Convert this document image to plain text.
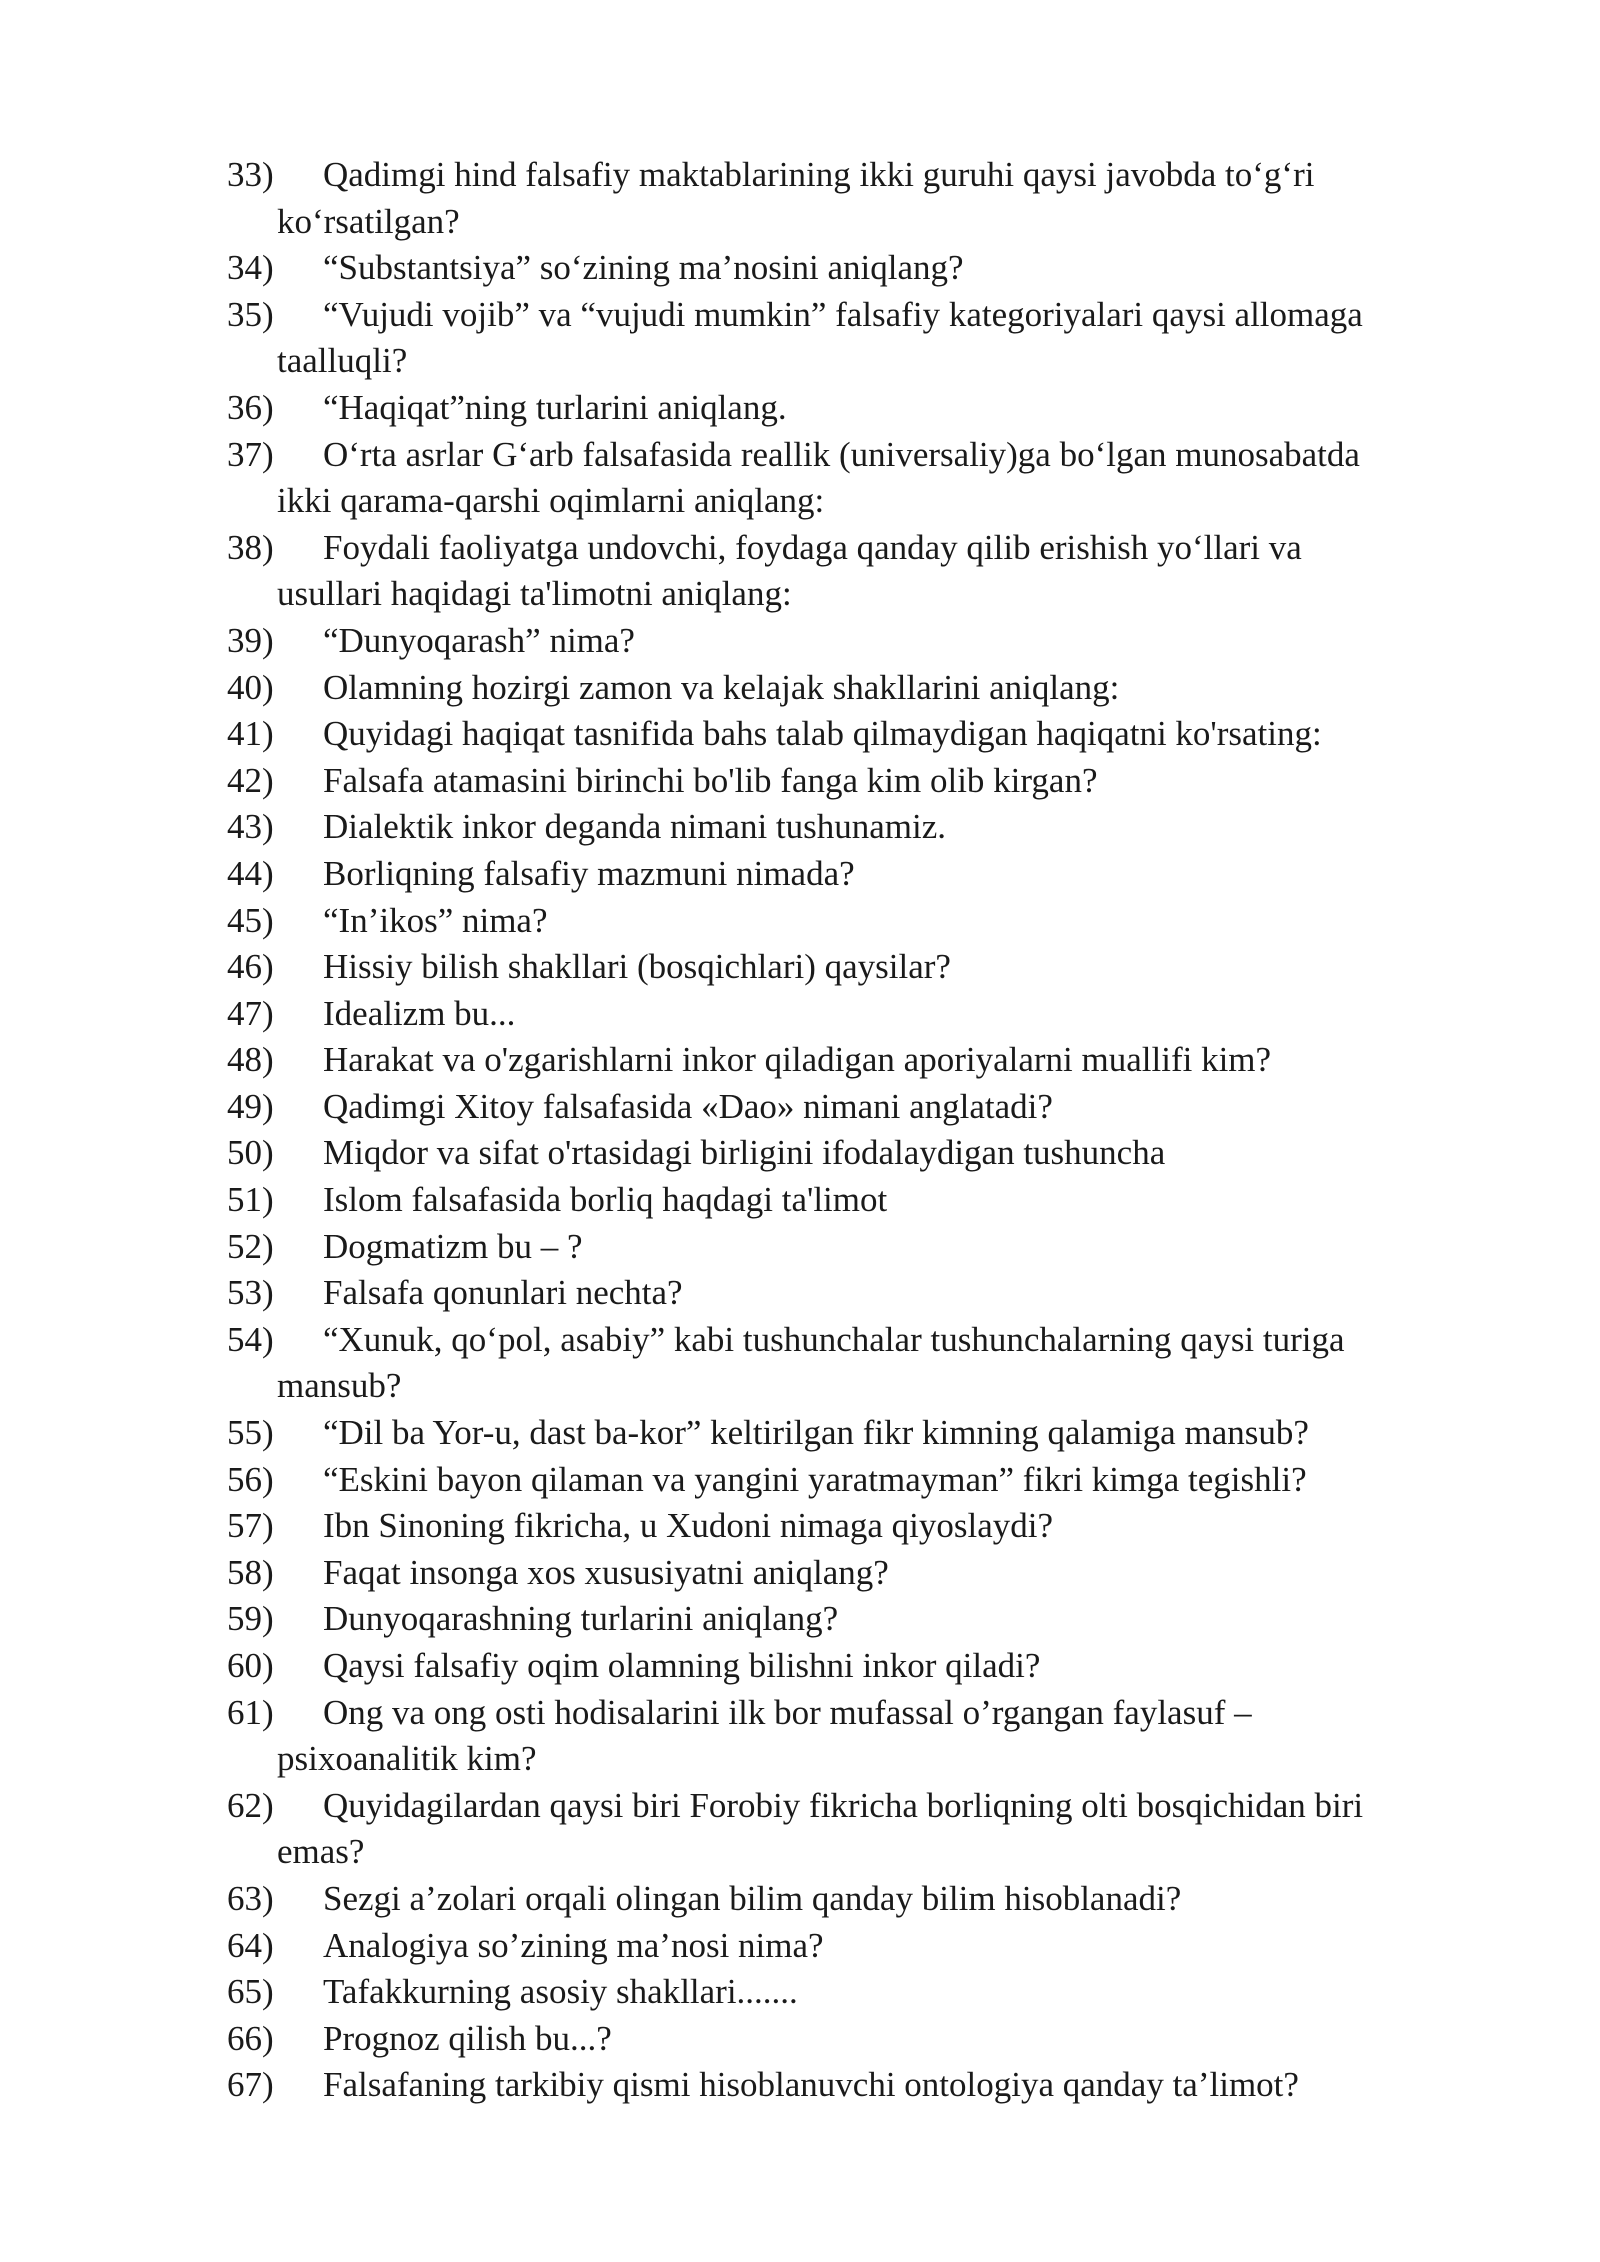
33) Qadimgi hind falsafiy maktablarining ikki guruhi qaysi javobda to‘g‘ri
ko‘rsatilgan?
34) “Substantsiya” so‘zining ma’nosini aniqlang?
35) “Vujudi vojib” va “vujudi mumkin” falsafiy kategoriyalari qaysi allomaga
taalluqli?
36) “Haqiqat”ning turlarini aniqlang.
37) O‘rta asrlar G‘arb falsafasida reallik (universaliy)ga bo‘lgan munosabatda
ikki qarama-qarshi oqimlarni aniqlang:
38) Foydali faoliyatga undovchi, foydaga qanday qilib erishish yo‘llari va
usullari haqidagi ta'limotni aniqlang:
39) “Dunyoqarash” nima?
40) Olamning hozirgi zamon va kelajak shakllarini aniqlang:
41) Quyidagi haqiqat tasnifida bahs talab qilmaydigan haqiqatni ko'rsating:
42) Falsafa atamasini birinchi bo'lib fanga kim olib kirgan?
43) Dialektik inkor deganda nimani tushunamiz.
44) Borliqning falsafiy mazmuni nimada?
45) “In’ikos” nima?
46) Hissiy bilish shakllari (bosqichlari) qaysilar?
47) Idealizm bu...
48) Harakat va o'zgarishlarni inkor qiladigan aporiyalarni muallifi kim?
49) Qadimgi Xitoy falsafasida «Dao» nimani anglatadi?
50) Miqdor va sifat o'rtasidagi birligini ifodalaydigan tushuncha
51) Islom falsafasida borliq haqdagi ta'limot
52) Dogmatizm bu – ?
53) Falsafa qonunlari nechta?
54) “Xunuk, qo‘pol, asabiy” kabi tushunchalar tushunchalarning qaysi turiga
mansub?
55) “Dil ba Yor-u, dast ba-kor” keltirilgan fikr kimning qalamiga mansub?
56) “Eskini bayon qilaman va yangini yaratmayman” fikri kimga tegishli?
57) Ibn Sinoning fikricha, u Xudoni nimaga qiyoslaydi?
58) Faqat insonga xos xususiyatni aniqlang?
59) Dunyoqarashning turlarini aniqlang?
60) Qaysi falsafiy oqim olamning bilishni inkor qiladi?
61) Ong va ong osti hodisalarini ilk bor mufassal o’rgangan faylasuf –
psixoanalitik kim?
62) Quyidagilardan qaysi biri Forobiy fikricha borliqning olti bosqichidan biri
emas?
63) Sezgi a’zolari orqali olingan bilim qanday bilim hisoblanadi?
64) Analogiya so’zining ma’nosi nima?
65) Tafakkurning asosiy shakllari.......
66) Prognoz qilish bu...?
67) Falsafaning tarkibiy qismi hisoblanuvchi ontologiya qanday ta’limot?
